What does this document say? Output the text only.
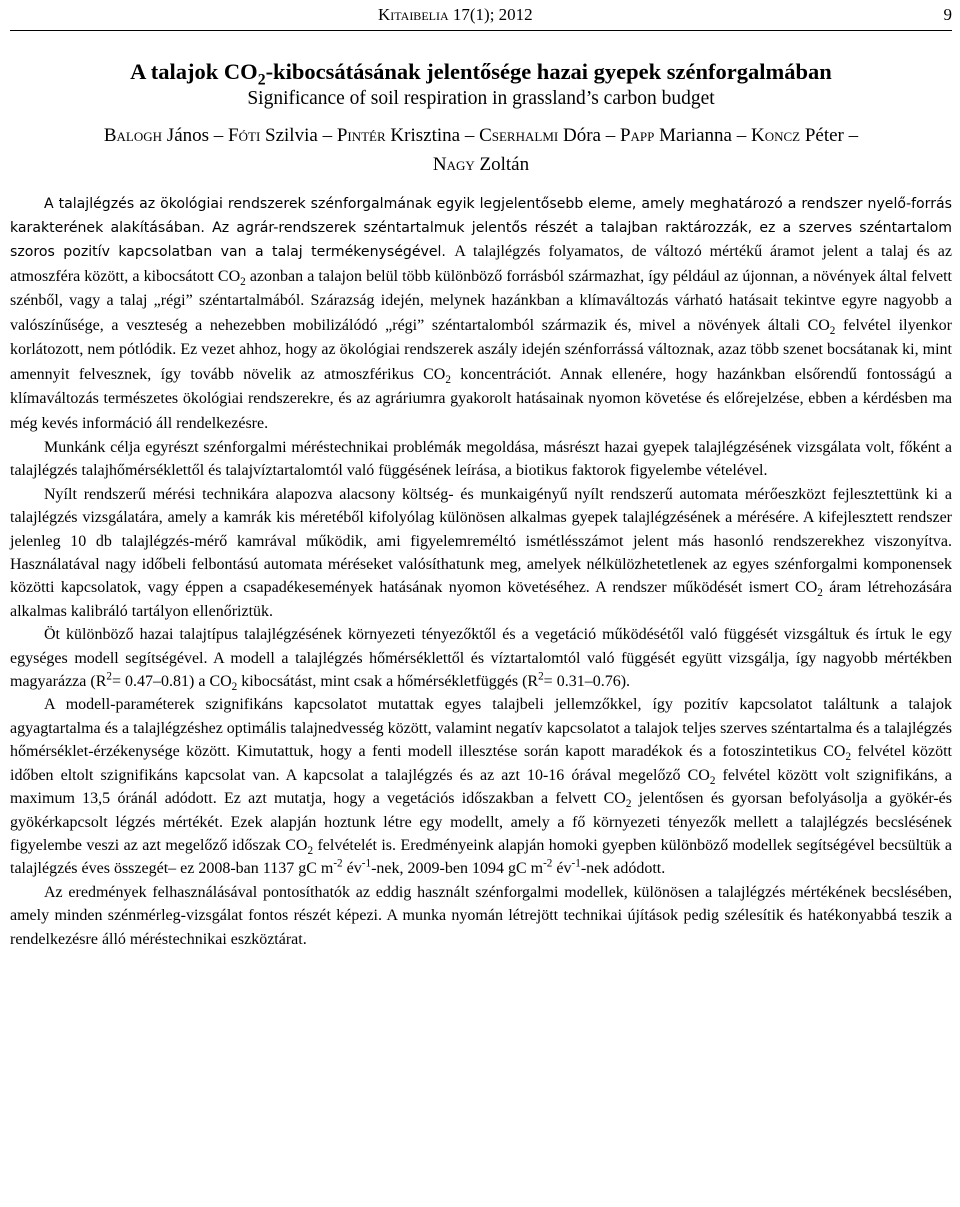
Kitaibelia 17(1); 2012	9
A talajok $CO_2$-kibocsátásának jelentősége hazai gyepek szénforgalmában
Significance of soil respiration in grassland’s carbon budget
Balogh János – Fóti Szilvia – Pintér Krisztina – Cserhalmi Dóra – Papp Marianna – Koncz Péter –
Nagy Zoltán
A talajlégzés az ökológiai rendszerek szénforgalmának egyik legjelentősebb eleme, amely meghatározó a rendszer nyelő-forrás karakterének alakításában. Az agrár-rendszerek széntartalmuk jelentős részét a talajban raktározzák, ez a szerves széntartalom szoros pozitív kapcsolatban van a talaj termékenységével. A talajlégzés folyamatos, de változó mértékű áramot jelent a talaj és az atmoszféra között, a kibocsátott $CO_2$ azonban a talajon belül több különböző forrásból származhat, így például az újonnan, a növények által felvett szénből, vagy a talaj „régi” széntartalmából. Szárazság idején, melynek hazánkban a klímaváltozás várható hatásait tekintve egyre nagyobb a valószínűsége, a veszteség a nehezebben mobilizálódó „régi” széntartalomból származik és, mivel a növények általi $CO_2$ felvétel ilyenkor korlátozott, nem pótlódik. Ez vezet ahhoz, hogy az ökológiai rendszerek aszály idején szénforrássá változnak, azaz több szenet bocsátanak ki, mint amennyit felvesznek, így tovább növelik az atmoszférikus $CO_2$ koncentrációt. Annak ellenére, hogy hazánkban elsőrendű fontosságú a klímaváltozás természetes ökológiai rendszerekre, és az agráriumra gyakorolt hatásainak nyomon követése és előrejelzése, ebben a kérdésben ma még kevés információ áll rendelkezésre.

Munkánk célja egyrészt szénforgalmi méréstechnikai problémák megoldása, másrészt hazai gyepek talajlégzésének vizsgálata volt, főként a talajlégzés talajhőmérséklettől és talajvíztartalomtól való függésének leírása, a biotikus faktorok figyelembe vételével.

Nyílt rendszerű mérési technikára alapozva alacsony költség- és munkaigényű nyílt rendszerű automata mérőeszközt fejlesztettünk ki a talajlégzés vizsgálatára, amely a kamrák kis méretéből kifolyólag különösen alkalmas gyepek talajlégzésének a mérésére. A kifejlesztett rendszer jelenleg 10 db talajlégzés-mérő kamrával működik, ami figyelemreméltó ismétlésszámot jelent más hasonló rendszerekhez viszonyítva. Használatával nagy időbeli felbontású automata méréseket valósíthatunk meg, amelyek nélkülözhetetlenek az egyes szénforgalmi komponensek közötti kapcsolatok, vagy éppen a csapadékesemények hatásának nyomon követéséhez. A rendszer működését ismert $CO_2$ áram létrehozására alkalmas kalibráló tartályon ellenőriztük.

Öt különböző hazai talajtípus talajlégzésének környezeti tényezőktől és a vegetáció működésétől való függését vizsgáltuk és írtuk le egy egységes modell segítségével. A modell a talajlégzés hőmérséklettől és víztartalomtól való függését együtt vizsgálja, így nagyobb mértékben magyarázza $(R^2= 0.47-0.81)$ a $CO_2$ kibocsátást, mint csak a hőmérsékletfüggés $(R^2= 0.31-0.76)$.

A modell-paraméterek szignifikáns kapcsolatot mutattak egyes talajbeli jellemzőkkel, így pozitív kapcsolatot találtunk a talajok agyagtartalma és a talajlégzéshez optimális talajnedvesség között, valamint negatív kapcsolatot a talajok teljes szerves széntartalma és a talajlégzés hőmérséklet-érzékenysége között. Kimutattuk, hogy a fenti modell illesztése során kapott maradékok és a fotoszintetikus $CO_2$ felvétel között időben eltolt szignifikáns kapcsolat van. A kapcsolat a talajlégzés és az azt 10-16 órával megelőző $CO_2$ felvétel között volt szignifikáns, a maximum 13,5 óránál adódott. Ez azt mutatja, hogy a vegetációs időszakban a felvett $CO_2$ jelentősen és gyorsan befolyásolja a gyökér-és gyökérkapcsolt légzés mértékét. Ezek alapján hoztunk létre egy modellt, amely a fő környezeti tényezők mellett a talajlégzés becslésének figyelembe veszi az azt megelőző időszak $CO_2$ felvételét is. Eredményeink alapján homoki gyepben különböző modellek segítségével becsültük a talajlégzés éves összegét– ez 2008-ban 1137 gC $m^{-2}$ $év^{-1}$-nek, 2009-ben 1094 gC $m^{-2}$ $év^{-1}$-nek adódott.

Az eredmények felhasználásával pontosíthatók az eddig használt szénforgalmi modellek, különösen a talajlégzés mértékének becslésében, amely minden szénmérleg-vizsgálat fontos részét képezi. A munka nyomán létrejött technikai újítások pedig szélesítik és hatékonyabbá teszik a rendelkezésre álló méréstechnikai eszköztárat.
